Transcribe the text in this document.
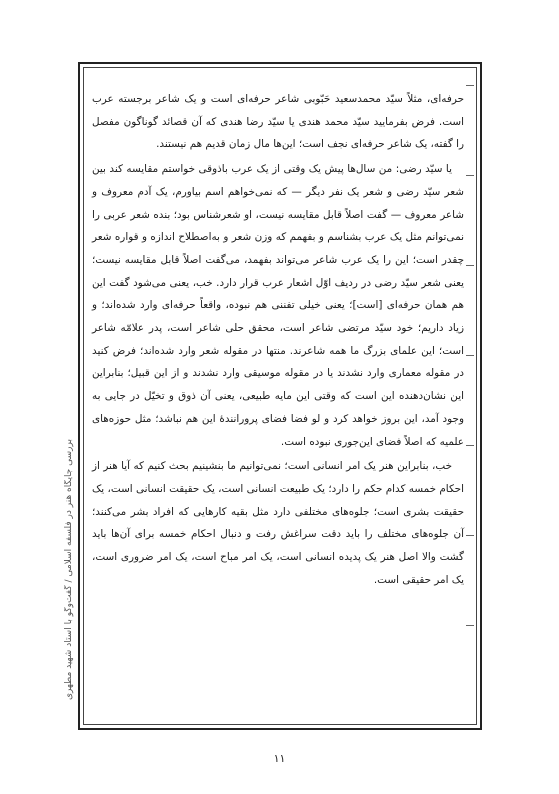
بررسی جایگاه هنر در فلسفه اسلامی / گفت‌وگو با استاد شهید مطهری

حرفه‌ای، مثلاً سیّد محمدسعید حَبّوبی شاعر حرفه‌ای است و یک شاعر برجسته عرب است. فرض بفرمایید سیّد محمد هندی یا سیّد رضا هندی که آن قصائد گوناگون مفصل را گفته، یک شاعر حرفه‌ای نجف است؛ این‌ها مال زمان قدیم هم نیستند.

یا سیّد رضی: من سال‌ها پیش یک وقتی از یک عرب باذوقی خواستم مقایسه کند بین شعر سیّد رضی و شعر یک نفر دیگر — که نمی‌خواهم اسم بیاورم، یک آدم معروف و شاعر معروف — گفت اصلاً قابل مقایسه نیست، او شعرشناس بود؛ بنده شعر عربی را نمی‌توانم مثل یک عرب بشناسم و بفهمم که وزن شعر و به‌اصطلاح اندازه و قواره شعر چقدر است؛ این را یک عرب شاعر می‌تواند بفهمد، می‌گفت اصلاً قابل مقایسه نیست؛ یعنی شعر سیّد رضی در ردیف اوّل اشعار عرب قرار دارد. خب، یعنی می‌شود گفت این هم همان حرفه‌ای [است]؛ یعنی خیلی تفننی هم نبوده، واقعاً حرفه‌ای وارد شده‌اند؛ و زیاد داریم؛ خود سیّد مرتضی شاعر است، محقق حلی شاعر است، پدر علامّه شاعر است؛ این علمای بزرگ ما همه شاعرند. منتها در مقوله شعر وارد شده‌اند؛ فرض کنید در مقوله معماری وارد نشدند یا در مقوله موسیقی وارد نشدند و از این قبیل؛ بنابراین این نشان‌دهنده این است که وقتی این مایه طبیعی، یعنی آن ذوق و تخیّل در جایی به وجود آمد، این بروز خواهد کرد و لو فضا فضای پرورانندهٔ این هم نباشد؛ مثل حوزه‌های علمیه که اصلاً فضای این‌جوری نبوده است.

خب، بنابراین هنر یک امر انسانی است؛ نمی‌توانیم ما بنشینیم بحث کنیم که آیا هنر از احکام خمسه کدام حکم را دارد؛ یک طبیعت انسانی است، یک حقیقت انسانی است، یک حقیقت بشری است؛ جلوه‌های مختلفی دارد مثل بقیه کارهایی که افراد بشر می‌کنند؛ آن جلوه‌های مختلف را باید دقت سراغش رفت و دنبال احکام خمسه برای آن‌ها باید گشت والا اصل هنر یک پدیده انسانی است، یک امر مباح است، یک امر ضروری است، یک امر حقیقی است.

۱۱
